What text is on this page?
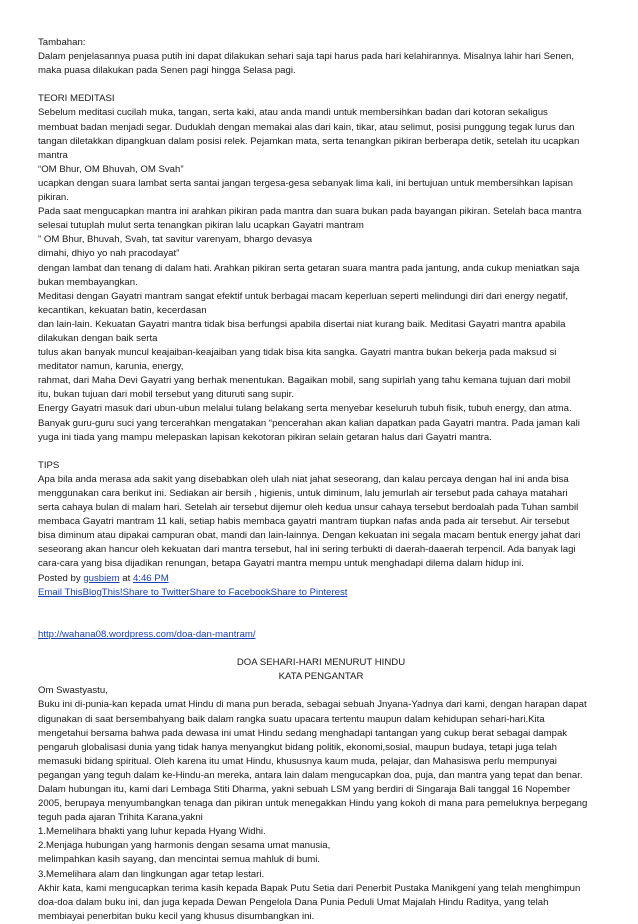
Tambahan:
Dalam penjelasannya puasa putih ini dapat dilakukan sehari saja tapi harus pada hari kelahirannya. Misalnya lahir hari Senen,
maka puasa dilakukan pada Senen pagi hingga Selasa pagi.
TEORI MEDITASI
Sebelum meditasi cucilah muka, tangan, serta kaki, atau anda mandi untuk membersihkan badan dari kotoran sekaligus
membuat badan menjadi segar. Duduklah dengan memakai alas dari kain, tikar, atau selimut, posisi punggung tegak lurus dan
tangan diletakkan dipangkuan dalam posisi relek. Pejamkan mata, serta tenangkan pikiran berberapa detik, setelah itu ucapkan
mantra
“OM Bhur, OM Bhuvah, OM Svah”
ucapkan dengan suara lambat serta santai jangan tergesa-gesa sebanyak lima kali, ini bertujuan untuk membersihkan lapisan
pikiran.
Pada saat mengucapkan mantra ini arahkan pikiran pada mantra dan suara bukan pada bayangan pikiran. Setelah baca mantra
selesai tutuplah mulut serta tenangkan pikiran lalu ucapkan Gayatri mantram
” OM Bhur, Bhuvah, Svah, tat savitur varenyam, bhargo devasya
dimahi, dhiyo yo nah pracodayat”
dengan lambat dan tenang di dalam hati. Arahkan pikiran serta getaran suara mantra pada jantung, anda cukup meniatkan saja
bukan membayangkan.
Meditasi dengan Gayatri mantram sangat efektif untuk berbagai macam keperluan seperti melindungi diri dari energy negatif,
kecantikan, kekuatan batin, kecerdasan
dan lain-lain. Kekuatan Gayatri mantra tidak bisa berfungsi apabila disertai niat kurang baik. Meditasi Gayatri mantra apabila
dilakukan dengan baik serta
tulus akan banyak muncul keajaiban-keajaiban yang tidak bisa kita sangka. Gayatri mantra bukan bekerja pada maksud si
meditator namun, karunia, energy,
rahmat, dari Maha Devi Gayatri yang berhak menentukan. Bagaikan mobil, sang supirlah yang tahu kemana tujuan dari mobil
itu, bukan tujuan dari mobil tersebut yang dituruti sang supir.
Energy Gayatri masuk dari ubun-ubun melalui tulang belakang serta menyebar keseluruh tubuh fisik, tubuh energy, dan atma.
Banyak guru-guru suci yang tercerahkan mengatakan “pencerahan akan kalian dapatkan pada Gayatri mantra. Pada jaman kali
yuga ini tiada yang mampu melepaskan lapisan kekotoran pikiran selain getaran halus dari Gayatri mantra.
TIPS
Apa bila anda merasa ada sakit yang disebabkan oleh ulah niat jahat seseorang, dan kalau percaya dengan hal ini anda bisa
menggunakan cara berikut ini. Sediakan air bersih , higienis, untuk diminum, lalu jemurlah air tersebut pada cahaya matahari
serta cahaya bulan di malam hari. Setelah air tersebut dijemur oleh kedua unsur cahaya tersebut berdoalah pada Tuhan sambil
membaca Gayatri mantram 11 kali, setiap habis membaca gayatri mantram tiupkan nafas anda pada air tersebut. Air tersebut
bisa diminum atau dipakai campuran obat, mandi dan lain-lainnya. Dengan kekuatan ini segala macam bentuk energy jahat dari
seseorang akan hancur oleh kekuatan dari mantra tersebut, hal ini sering terbukti di daerah-daaerah terpencil. Ada banyak lagi
cara-cara yang bisa dijadikan renungan, betapa Gayatri mantra mempu untuk menghadapi dilema dalam hidup ini.
Posted by gusbiem at 4:46 PM
Email ThisBlogThis!Share to TwitterShare to FacebookShare to Pinterest
http://wahana08.wordpress.com/doa-dan-mantram/
DOA SEHARI-HARI MENURUT HINDU
KATA PENGANTAR
Om Swastyastu,
Buku ini di-punia-kan kepada umat Hindu di mana pun berada, sebagai sebuah Jnyana-Yadnya dari kami, dengan harapan dapat
digunakan di saat bersembahyang baik dalam rangka suatu upacara tertentu maupun dalam kehidupan sehari-hari.Kita
mengetahui bersama bahwa pada dewasa ini umat Hindu sedang menghadapi tantangan yang cukup berat sebagai dampak
pengaruh globalisasi dunia yang tidak hanya menyangkut bidang politik, ekonomi,sosial, maupun budaya, tetapi juga telah
memasuki bidang spiritual. Oleh karena itu umat Hindu, khususnya kaum muda, pelajar, dan Mahasiswa perlu mempunyai
pegangan yang teguh dalam ke-Hindu-an mereka, antara lain dalam mengucapkan doa, puja, dan mantra yang tepat dan benar.
Dalam hubungan itu, kami dari Lembaga Stiti Dharma, yakni sebuah LSM yang berdiri di Singaraja Bali tanggal 16 Nopember
2005, berupaya menyumbangkan tenaga dan pikiran untuk menegakkan Hindu yang kokoh di mana para pemeluknya berpegang
teguh pada ajaran Trihita Karana,yakni
1.Memelihara bhakti yang luhur kepada Hyang Widhi.
2.Menjaga hubungan yang harmonis dengan sesama umat manusia,
melimpahkan kasih sayang, dan mencintai semua mahluk di bumi.
3.Memelihara alam dan lingkungan agar tetap lestari.
Akhir kata, kami mengucapkan terima kasih kepada Bapak Putu Setia dari Penerbit Pustaka Manikgeni yang telah menghimpun
doa-doa dalam buku ini, dan juga kepada Dewan Pengelola Dana Punia Peduli Umat Majalah Hindu Raditya, yang telah
membiayai penerbitan buku kecil yang khusus disumbangkan ini.
